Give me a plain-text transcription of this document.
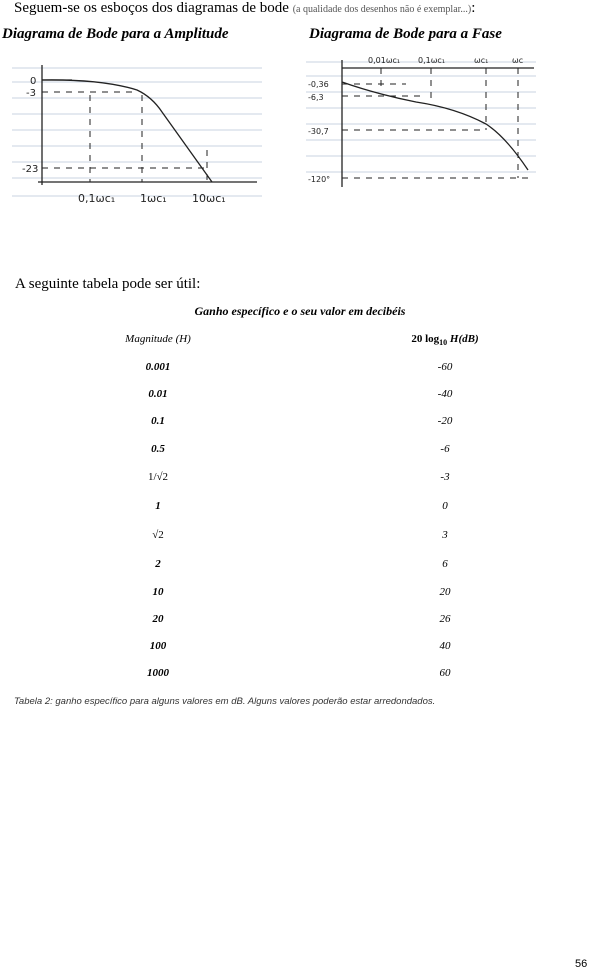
Seguem-se os esboços dos diagramas de bode (a qualidade dos desenhos não é exemplar...):
Diagrama de Bode para a Amplitude	Diagrama de Bode para a Fase
0
-3
-23
0,1ωc₁ 1ωc₁ 10ωc₁
0,01ωc₁ 0,1ωc₁	ωc₁	ωc
-0,36
-6,3
-30,7
-120°
A seguinte tabela pode ser útil:
Ganho específico e o seu valor em decibéis
Magnitude (H)	20 $\log_{10} H(dB)$
0.001	-60
0.01	-40
0.1	-20
0.5	-6
1/√2	-3
1	0
√2	3
2	6
10	20
20	26
100	40
1000	60
Tabela 2: ganho específico para alguns valores em dB. Alguns valores poderão estar arredondados.
56
